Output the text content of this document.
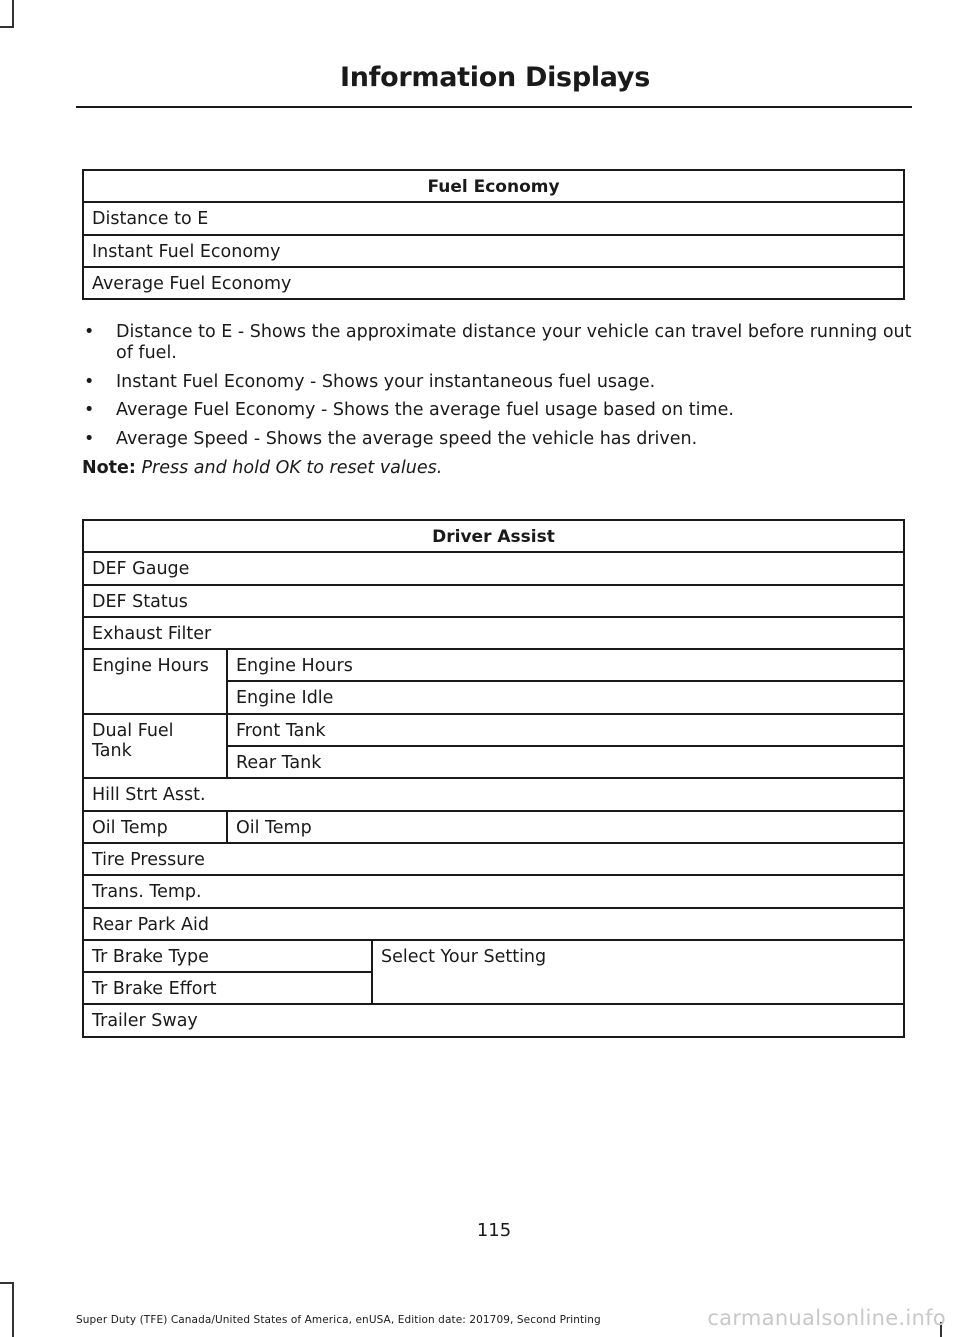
Information Displays
Fuel Economy
Distance to E
Instant Fuel Economy
Average Fuel Economy
• Distance to E - Shows the approximate distance your vehicle can travel before running out of fuel.
• Instant Fuel Economy - Shows your instantaneous fuel usage.
• Average Fuel Economy - Shows the average fuel usage based on time.
• Average Speed - Shows the average speed the vehicle has driven.
Note: Press and hold OK to reset values.
Driver Assist		
DEF Gauge		
DEF Status		
Exhaust Filter		
Engine Hours	Engine Hours	
	Engine Idle	
Dual Fuel Tank	Front Tank	
	Rear Tank	
Hill Strt Asst.		
Oil Temp	Oil Temp	
Tire Pressure		
Trans. Temp.		
Rear Park Aid		
Tr Brake Type		Select Your Setting
Tr Brake Effort		
Trailer Sway		
115
Super Duty (TFE) Canada/United States of America, enUSA, Edition date: 201709, Second Printing	carmanualsonline.info
